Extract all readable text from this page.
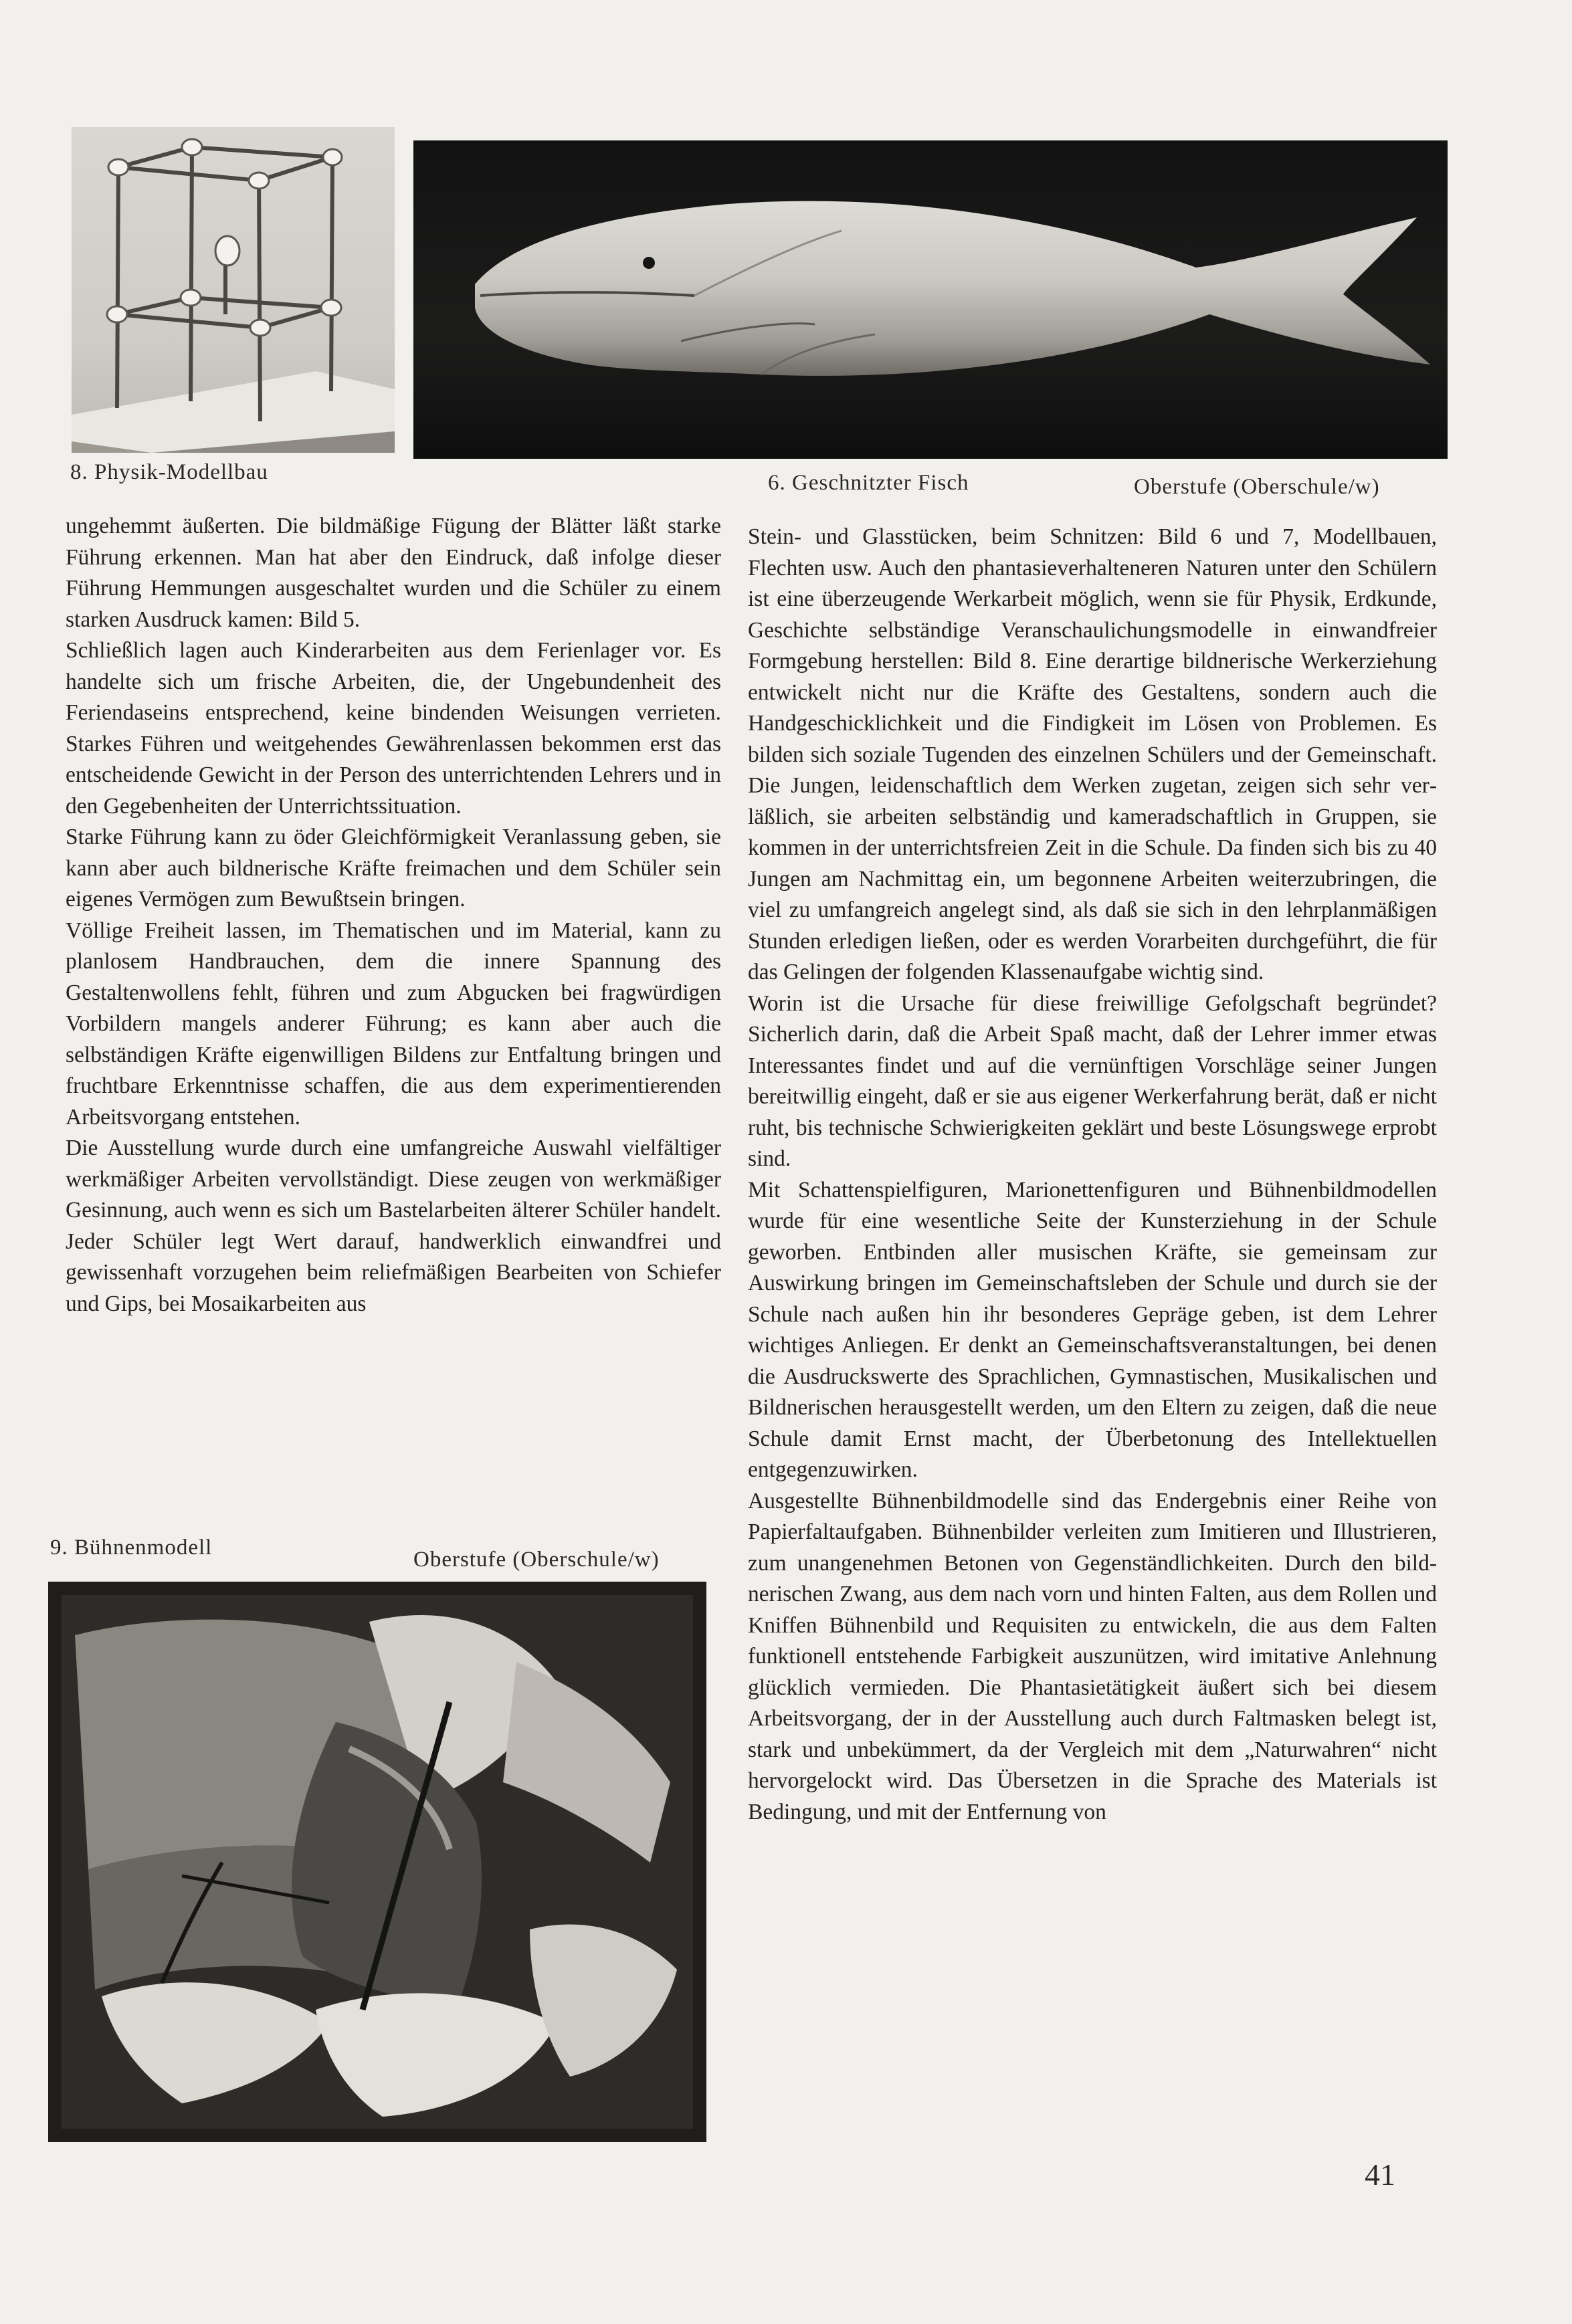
8. Physik-Modellbau	6. Geschnitzter Fisch	Oberstufe (Oberschule/w)

ungehemmt äußerten. Die bildmäßige Fügung der Blätter läßt starke Führung erkennen. Man hat aber den Eindruck, daß infolge dieser Führung Hemmungen ausgeschaltet wurden und die Schüler zu einem starken Ausdruck kamen: Bild 5.

Schließlich lagen auch Kinderarbeiten aus dem Ferienlager vor. Es handelte sich um frische Arbeiten, die, der Ungebundenheit des Feriendaseins entsprechend, keine bindenden Weisungen verrieten. Starkes Führen und weitgehendes Gewährenlassen bekommen erst das entscheidende Gewicht in der Person des unterrichtenden Lehrers und in den Gegebenheiten der Unterrichtssituation.

Starke Führung kann zu öder Gleichförmigkeit Veranlassung geben, sie kann aber auch bildnerische Kräfte freimachen und dem Schüler sein eigenes Vermögen zum Bewußtsein bringen.

Völlige Freiheit lassen, im Thematischen und im Material, kann zu planlosem Handbrauchen, dem die innere Spannung des Gestaltenwollens fehlt, führen und zum Abgucken bei fragwürdigen Vorbildern mangels anderer Führung; es kann aber auch die selbständigen Kräfte eigenwilligen Bildens zur Entfaltung bringen und fruchtbare Erkenntnisse schaffen, die aus dem experimentierenden Arbeitsvorgang entstehen.

Die Ausstellung wurde durch eine umfangreiche Auswahl vielfältiger werkmäßiger Arbeiten vervollständigt. Diese zeugen von werkmäßiger Gesinnung, auch wenn es sich um Bastelarbeiten älterer Schüler handelt. Jeder Schüler legt Wert darauf, handwerklich einwandfrei und gewissenhaft vorzugehen beim reliefmäßigen Bearbeiten von Schiefer und Gips, bei Mosaikarbeiten aus

9. Bühnenmodell	Oberstufe (Oberschule/w)

Stein- und Glasstücken, beim Schnitzen: Bild 6 und 7, Modellbauen, Flechten usw. Auch den phantasieverhalteneren Naturen unter den Schülern ist eine überzeugende Werkarbeit möglich, wenn sie für Physik, Erdkunde, Geschichte selbständige Veranschaulichungsmodelle in einwandfreier Formgebung herstellen: Bild 8. Eine derartige bildnerische Werkerziehung entwickelt nicht nur die Kräfte des Gestaltens, sondern auch die Handgeschicklichkeit und die Findigkeit im Lösen von Problemen. Es bilden sich soziale Tugenden des einzelnen Schülers und der Gemeinschaft. Die Jungen, leidenschaftlich dem Werken zugetan, zeigen sich sehr verläßlich, sie arbeiten selbständig und kameradschaftlich in Gruppen, sie kommen in der unterrichtsfreien Zeit in die Schule. Da finden sich bis zu 40 Jungen am Nachmittag ein, um begonnene Arbeiten weiterzubringen, die viel zu umfangreich angelegt sind, als daß sie sich in den lehrplanmäßigen Stunden erledigen ließen, oder es werden Vorarbeiten durchgeführt, die für das Gelingen der folgenden Klassenaufgabe wichtig sind.

Worin ist die Ursache für diese freiwillige Gefolgschaft begründet? Sicherlich darin, daß die Arbeit Spaß macht, daß der Lehrer immer etwas Interessantes findet und auf die vernünftigen Vorschläge seiner Jungen bereitwillig eingeht, daß er sie aus eigener Werkerfahrung berät, daß er nicht ruht, bis technische Schwierigkeiten geklärt und beste Lösungswege erprobt sind.

Mit Schattenspielfiguren, Marionettenfiguren und Bühnenbildmodellen wurde für eine wesentliche Seite der Kunsterziehung in der Schule geworben. Entbinden aller musischen Kräfte, sie gemeinsam zur Auswirkung bringen im Gemeinschaftsleben der Schule und durch sie der Schule nach außen hin ihr besonderes Gepräge geben, ist dem Lehrer wichtiges Anliegen. Er denkt an Gemeinschaftsveranstaltungen, bei denen die Ausdruckswerte des Sprachlichen, Gymnastischen, Musikalischen und Bildnerischen herausgestellt werden, um den Eltern zu zeigen, daß die neue Schule damit Ernst macht, der Überbetonung des Intellektuellen entgegenzuwirken.

Ausgestellte Bühnenbildmodelle sind das Endergebnis einer Reihe von Papierfaltaufgaben. Bühnenbilder verleiten zum Imitieren und Illustrieren, zum unangenehmen Betonen von Gegenständlichkeiten. Durch den bildnerischen Zwang, aus dem nach vorn und hinten Falten, aus dem Rollen und Kniffen Bühnenbild und Requisiten zu entwickeln, die aus dem Falten funktionell entstehende Farbigkeit auszunützen, wird imitative Anlehnung glücklich vermieden. Die Phantasietätigkeit äußert sich bei diesem Arbeitsvorgang, der in der Ausstellung auch durch Faltmasken belegt ist, stark und unbekümmert, da der Vergleich mit dem „Naturwahren“ nicht hervorgelockt wird. Das Übersetzen in die Sprache des Materials ist Bedingung, und mit der Entfernung von

41
